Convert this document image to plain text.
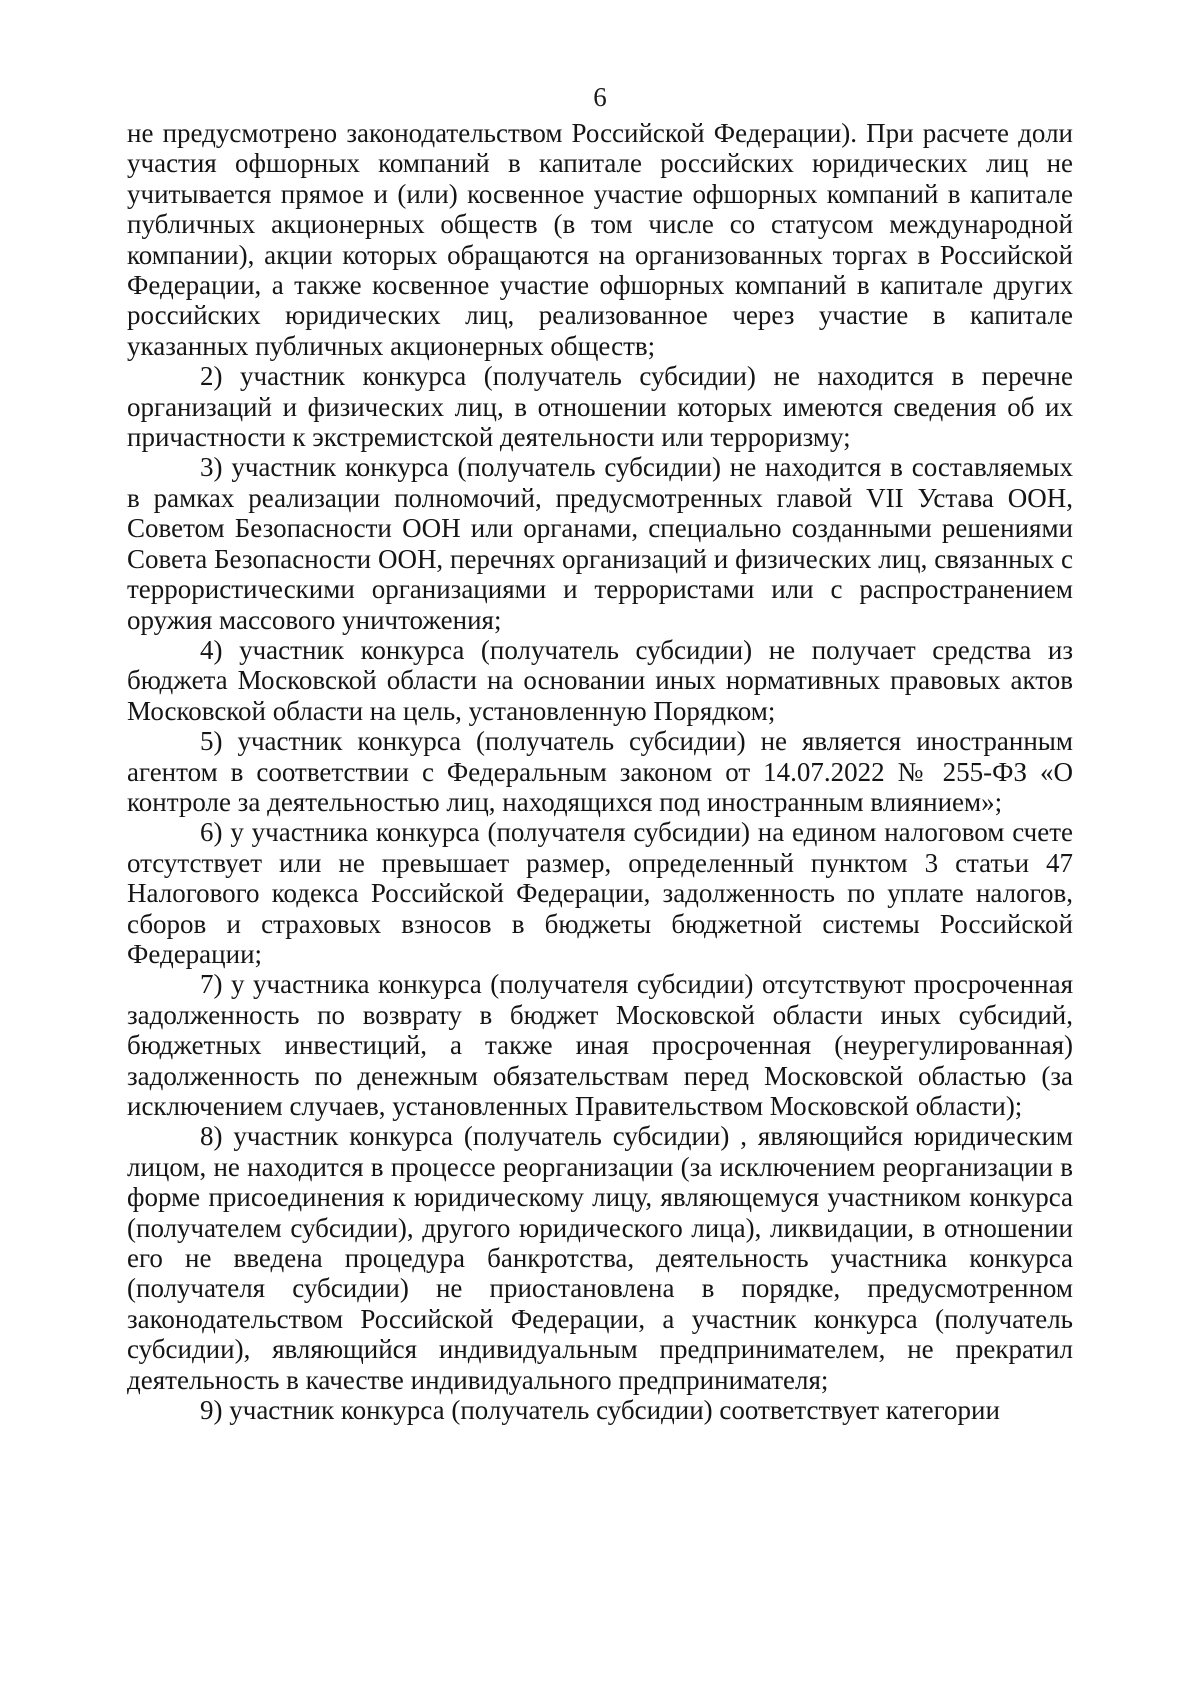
6

не предусмотрено законодательством Российской Федерации). При расчете доли участия офшорных компаний в капитале российских юридических лиц не учитывается прямое и (или) косвенное участие офшорных компаний в капитале публичных акционерных обществ (в том числе со статусом международной компании), акции которых обращаются на организованных торгах в Российской Федерации, а также косвенное участие офшорных компаний в капитале других российских юридических лиц, реализованное через участие в капитале указанных публичных акционерных обществ;

2) участник конкурса (получатель субсидии) не находится в перечне организаций и физических лиц, в отношении которых имеются сведения об их причастности к экстремистской деятельности или терроризму;

3) участник конкурса (получатель субсидии) не находится в составляемых в рамках реализации полномочий, предусмотренных главой VII Устава ООН, Советом Безопасности ООН или органами, специально созданными решениями Совета Безопасности ООН, перечнях организаций и физических лиц, связанных с террористическими организациями и террористами или с распространением оружия массового уничтожения;

4) участник конкурса (получатель субсидии) не получает средства из бюджета Московской области на основании иных нормативных правовых актов Московской области на цель, установленную Порядком;

5) участник конкурса (получатель субсидии) не является иностранным агентом в соответствии с Федеральным законом от 14.07.2022 № 255-ФЗ «О контроле за деятельностью лиц, находящихся под иностранным влиянием»;

6) у участника конкурса (получателя субсидии) на едином налоговом счете отсутствует или не превышает размер, определенный пунктом 3 статьи 47 Налогового кодекса Российской Федерации, задолженность по уплате налогов, сборов и страховых взносов в бюджеты бюджетной системы Российской Федерации;

7) у участника конкурса (получателя субсидии) отсутствуют просроченная задолженность по возврату в бюджет Московской области иных субсидий, бюджетных инвестиций, а также иная просроченная (неурегулированная) задолженность по денежным обязательствам перед Московской областью (за исключением случаев, установленных Правительством Московской области);

8) участник конкурса (получатель субсидии) , являющийся юридическим лицом, не находится в процессе реорганизации (за исключением реорганизации в форме присоединения к юридическому лицу, являющемуся участником конкурса (получателем субсидии), другого юридического лица), ликвидации, в отношении его не введена процедура банкротства, деятельность участника конкурса (получателя субсидии) не приостановлена в порядке, предусмотренном законодательством Российской Федерации, а участник конкурса (получатель субсидии), являющийся индивидуальным предпринимателем, не прекратил деятельность в качестве индивидуального предпринимателя;

9) участник конкурса (получатель субсидии) соответствует категории
